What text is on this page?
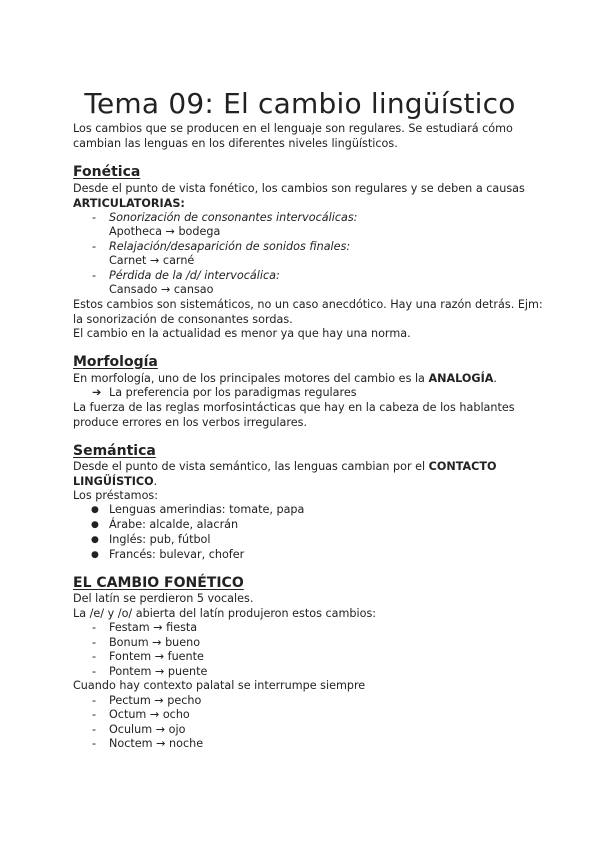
Tema 09: El cambio lingüístico

Los cambios que se producen en el lenguaje son regulares. Se estudiará cómo cambian las lenguas en los diferentes niveles lingüísticos.

Fonética

Desde el punto de vista fonético, los cambios son regulares y se deben a causas ARTICULATORIAS:

- Sonorización de consonantes intervocálicas:
Apotheca → bodega
- Relajación/desaparición de sonidos finales:
Carnet → carné
- Pérdida de la /d/ intervocálica:
Cansado → cansao

Estos cambios son sistemáticos, no un caso anecdótico. Hay una razón detrás. Ejm: la sonorización de consonantes sordas.

El cambio en la actualidad es menor ya que hay una norma.

Morfología

En morfología, uno de los principales motores del cambio es la ANALOGÍA.

➔ La preferencia por los paradigmas regulares

La fuerza de las reglas morfosintácticas que hay en la cabeza de los hablantes produce errores en los verbos irregulares.

Semántica

Desde el punto de vista semántico, las lenguas cambian por el CONTACTO LINGÜÍSTICO.

Los préstamos:

● Lenguas amerindias: tomate, papa
● Árabe: alcalde, alacrán
● Inglés: pub, fútbol
● Francés: bulevar, chofer
EL CAMBIO FONÉTICO

Del latín se perdieron 5 vocales.

La /e/ y /o/ abierta del latín produjeron estos cambios:

- Festam → fiesta
- Bonum → bueno
- Fontem → fuente
- Pontem → puente

Cuando hay contexto palatal se interrumpe siempre

- Pectum → pecho
- Octum → ocho
- Oculum → ojo
- Noctem → noche
